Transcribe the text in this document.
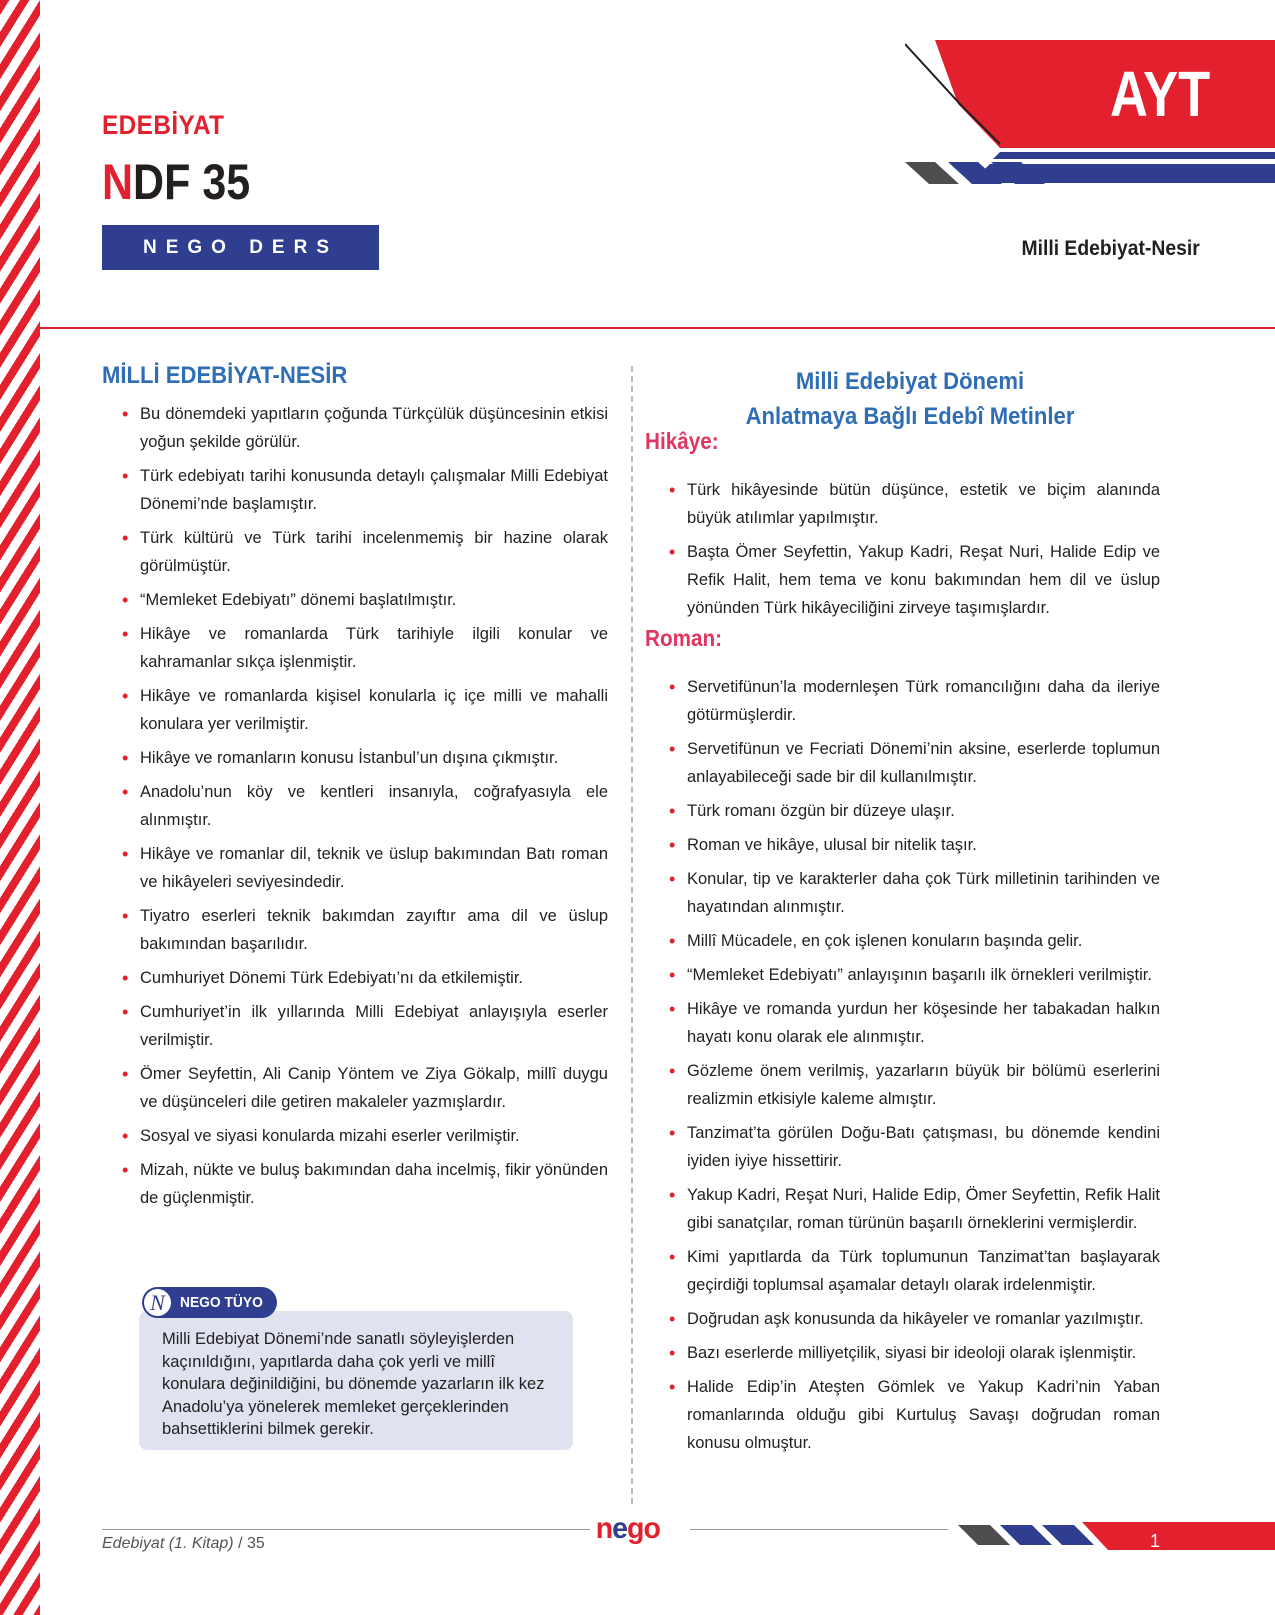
EDEBİYAT
NDF 35
NEGO DERS FÖYÜ
AYT
Milli Edebiyat-Nesir
MİLLİ EDEBİYAT-NESİR
• Bu dönemdeki yapıtların çoğunda Türkçülük düşüncesinin etkisi yoğun şekilde görülür.
• Türk edebiyatı tarihi konusunda detaylı çalışmalar Milli Edebiyat Dönemi’nde başlamıştır.
• Türk kültürü ve Türk tarihi incelenmemiş bir hazine olarak görülmüştür.
• “Memleket Edebiyatı” dönemi başlatılmıştır.
• Hikâye ve romanlarda Türk tarihiyle ilgili konular ve kahramanlar sıkça işlenmiştir.
• Hikâye ve romanlarda kişisel konularla iç içe milli ve mahalli konulara yer verilmiştir.
• Hikâye ve romanların konusu İstanbul’un dışına çıkmıştır.
• Anadolu’nun köy ve kentleri insanıyla, coğrafyasıyla ele alınmıştır.
• Hikâye ve romanlar dil, teknik ve üslup bakımından Batı roman ve hikâyeleri seviyesindedir.
• Tiyatro eserleri teknik bakımdan zayıftır ama dil ve üslup bakımından başarılıdır.
• Cumhuriyet Dönemi Türk Edebiyatı’nı da etkilemiştir.
• Cumhuriyet’in ilk yıllarında Milli Edebiyat anlayışıyla eserler verilmiştir.
• Ömer Seyfettin, Ali Canip Yöntem ve Ziya Gökalp, millî duygu ve düşünceleri dile getiren makaleler yazmışlardır.
• Sosyal ve siyasi konularda mizahi eserler verilmiştir.
• Mizah, nükte ve buluş bakımından daha incelmiş, fikir yönünden de güçlenmiştir.
N	NEGO TÜYO
Milli Edebiyat Dönemi’nde sanatlı söyleyişlerden kaçınıldığını, yapıtlarda daha çok yerli ve millî konulara değinildiğini, bu dönemde yazarların ilk kez Anadolu’ya yönelerek memleket gerçeklerinden bahsettiklerini bilmek gerekir.
Milli Edebiyat Dönemi
Anlatmaya Bağlı Edebî Metinler
Hikâye:
• Türk hikâyesinde bütün düşünce, estetik ve biçim alanında büyük atılımlar yapılmıştır.
• Başta Ömer Seyfettin, Yakup Kadri, Reşat Nuri, Halide Edip ve Refik Halit, hem tema ve konu bakımından hem dil ve üslup yönünden Türk hikâyeciliğini zirveye taşımışlardır.
Roman:
• Servetifünun’la modernleşen Türk romancılığını daha da ileriye götürmüşlerdir.
• Servetifünun ve Fecriati Dönemi’nin aksine, eserlerde toplumun anlayabileceği sade bir dil kullanılmıştır.
• Türk romanı özgün bir düzeye ulaşır.
• Roman ve hikâye, ulusal bir nitelik taşır.
• Konular, tip ve karakterler daha çok Türk milletinin tarihinden ve hayatından alınmıştır.
• Millî Mücadele, en çok işlenen konuların başında gelir.
• “Memleket Edebiyatı” anlayışının başarılı ilk örnekleri verilmiştir.
• Hikâye ve romanda yurdun her köşesinde her tabakadan halkın hayatı konu olarak ele alınmıştır.
• Gözleme önem verilmiş, yazarların büyük bir bölümü eserlerini realizmin etkisiyle kaleme almıştır.
• Tanzimat’ta görülen Doğu-Batı çatışması, bu dönemde kendini iyiden iyiye hissettirir.
• Yakup Kadri, Reşat Nuri, Halide Edip, Ömer Seyfettin, Refik Halit gibi sanatçılar, roman türünün başarılı örneklerini vermişlerdir.
• Kimi yapıtlarda da Türk toplumunun Tanzimat’tan başlayarak geçirdiği toplumsal aşamalar detaylı olarak irdelenmiştir.
• Doğrudan aşk konusunda da hikâyeler ve romanlar yazılmıştır.
• Bazı eserlerde milliyetçilik, siyasi bir ideoloji olarak işlenmiştir.
• Halide Edip’in Ateşten Gömlek ve Yakup Kadri’nin Yaban romanlarında olduğu gibi Kurtuluş Savaşı doğrudan roman konusu olmuştur.
Edebiyat (1. Kitap) / 35	nego	1
